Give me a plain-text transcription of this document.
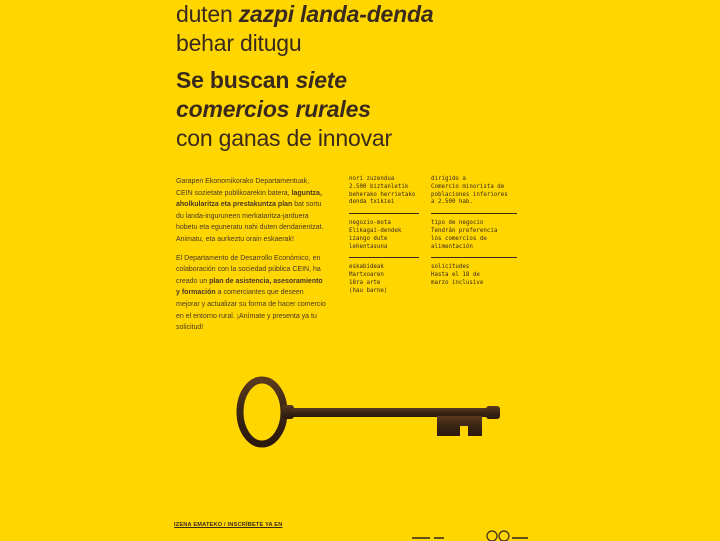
duten zazpi landa-denda
behar ditugu
Se buscan siete
comercios rurales
con ganas de innovar

Garapen Ekonomikorako Departamentuak, CEIN sozietate publikoarekin batera, laguntza, aholkularitza eta prestakuntza plan bat sortu du landa-inguruneen merkataritza-jarduera hobetu eta eguneratu nahi duten dendarientzat. Animatu, eta aurkeztu orain eskaerak!

El Departamento de Desarrollo Económico, en colaboración con la sociedad pública CEIN, ha creado un plan de asistencia, asesoramiento y formación a comerciantes que deseen mejorar y actualizar su forma de hacer comercio en el entorno rural. ¡Anímate y presenta ya tu solicitud!

nori zuzendua
2.500 biztanletik
beherako herrietako
denda txikiei
negozio-mota
Elikagai-dendek
izango dute
lehentasuna
eskabideak
Martxoaren
18ra arte
(hau barne)
dirigido a
Comercio minorista de
poblaciones inferiores
a 2.500 hab.
tipo de negocio
Tendrán preferencia
los comercios de
alimentación
solicitudes
Hasta el 18 de
marzo inclusive
IZENA EMATEKO / INSCRÍBETE YA EN
